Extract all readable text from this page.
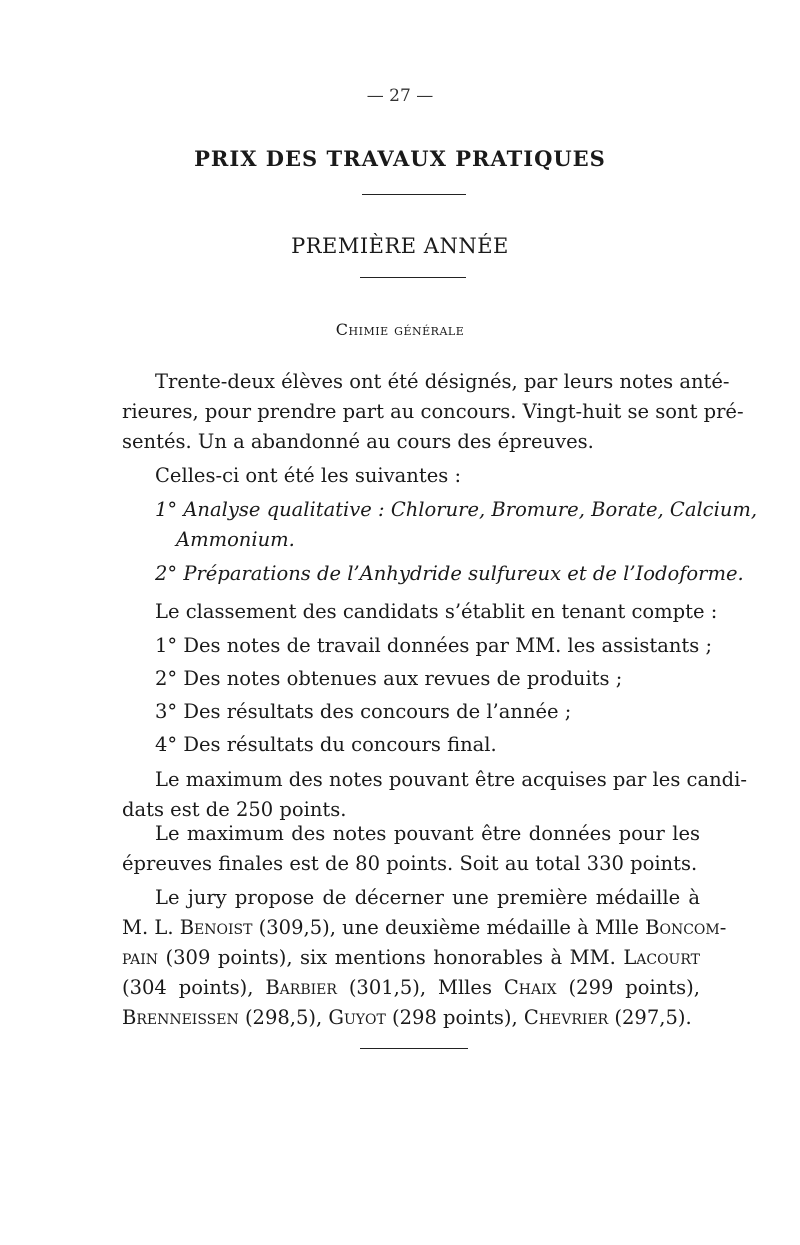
— 27 —
PRIX DES TRAVAUX PRATIQUES
PREMIÈRE ANNÉE
Chimie générale
Trente-deux élèves ont été désignés, par leurs notes anté-
rieures, pour prendre part au concours. Vingt-huit se sont pré-
sentés. Un a abandonné au cours des épreuves.
Celles-ci ont été les suivantes :
1° Analyse qualitative : Chlorure, Bromure, Borate, Calcium,
Ammonium.
2° Préparations de l’Anhydride sulfureux et de l’Iodoforme.
Le classement des candidats s’établit en tenant compte :
1° Des notes de travail données par MM. les assistants ;
2° Des notes obtenues aux revues de produits ;
3° Des résultats des concours de l’année ;
4° Des résultats du concours final.
Le maximum des notes pouvant être acquises par les candi-
dats est de 250 points.
Le maximum des notes pouvant être données pour les
épreuves finales est de 80 points. Soit au total 330 points.
Le jury propose de décerner une première médaille à
M. L. Benoist (309,5), une deuxième médaille à Mlle Boncom-
pain (309 points), six mentions honorables à MM. Lacourt
(304 points), Barbier (301,5), Mlles Chaix (299 points),
Brenneissen (298,5), Guyot (298 points), Chevrier (297,5).
